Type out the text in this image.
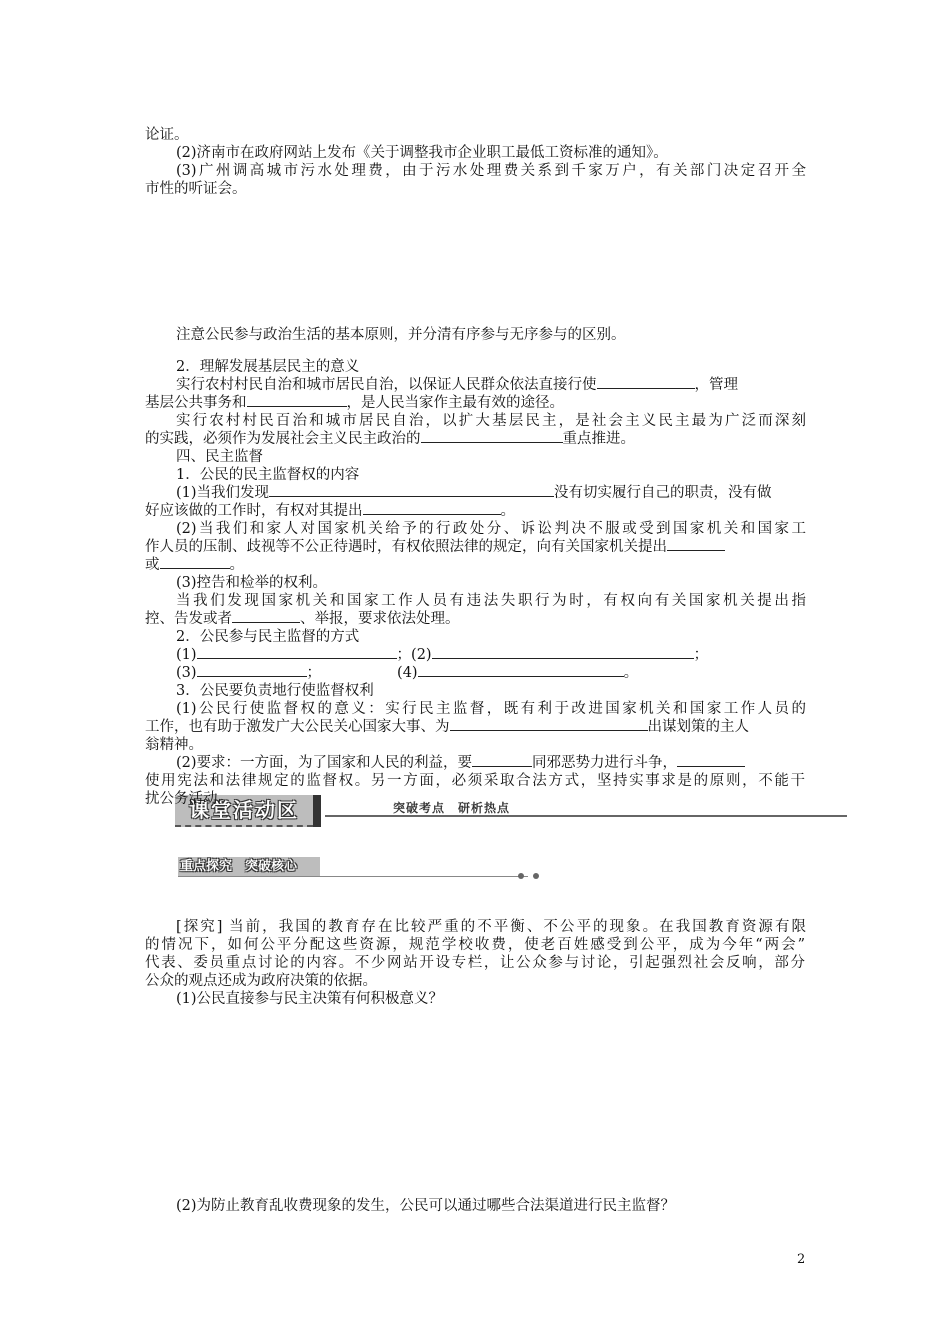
论证。
(2)济南市在政府网站上发布《关于调整我市企业职工最低工资标准的通知》。
(3)广州调高城市污水处理费，由于污水处理费关系到千家万户，有关部门决定召开全
市性的听证会。
注意公民参与政治生活的基本原则，并分清有序参与无序参与的区别。
2．理解发展基层民主的意义
实行农村村民自治和城市居民自治，以保证人民群众依法直接行使	，管理
基层公共事务和	，是人民当家作主最有效的途径。
实行农村村民百治和城市居民自治，以扩大基层民主，是社会主义民主最为广泛而深刻
的实践，必须作为发展社会主义民主政治的	重点推进。
四、民主监督
1．公民的民主监督权的内容
(1)当我们发现	没有切实履行自己的职责，没有做
好应该做的工作时，有权对其提出	。
(2)当我们和家人对国家机关给予的行政处分、诉讼判决不服或受到国家机关和国家工
作人员的压制、歧视等不公正待遇时，有权依照法律的规定，向有关国家机关提出
或	。
(3)控告和检举的权利。
当我们发现国家机关和国家工作人员有违法失职行为时，有权向有关国家机关提出指
控、告发或者	、举报，要求依法处理。
2．公民参与民主监督的方式
(1)	；(2)	；
(3)	；	(4)	。
3．公民要负责地行使监督权利
(1)公民行使监督权的意义：实行民主监督，既有利于改进国家机关和国家工作人员的
工作，也有助于激发广大公民关心国家大事、为	出谋划策的主人
翁精神。
(2)要求：一方面，为了国家和人民的利益，要	同邪恶势力进行斗争，
使用宪法和法律规定的监督权。另一方面，必须采取合法方式，坚持实事求是的原则，不能干
课堂活动区	突破考点　研析热点
重点探究　突破核心
[探究] 当前，我国的教育存在比较严重的不平衡、不公平的现象。在我国教育资源有限
的情况下，如何公平分配这些资源，规范学校收费，使老百姓感受到公平，成为今年“两会”
代表、委员重点讨论的内容。不少网站开设专栏，让公众参与讨论，引起强烈社会反响，部分
公众的观点还成为政府决策的依据。
(1)公民直接参与民主决策有何积极意义？
(2)为防止教育乱收费现象的发生，公民可以通过哪些合法渠道进行民主监督？
2
扰公务活动。
